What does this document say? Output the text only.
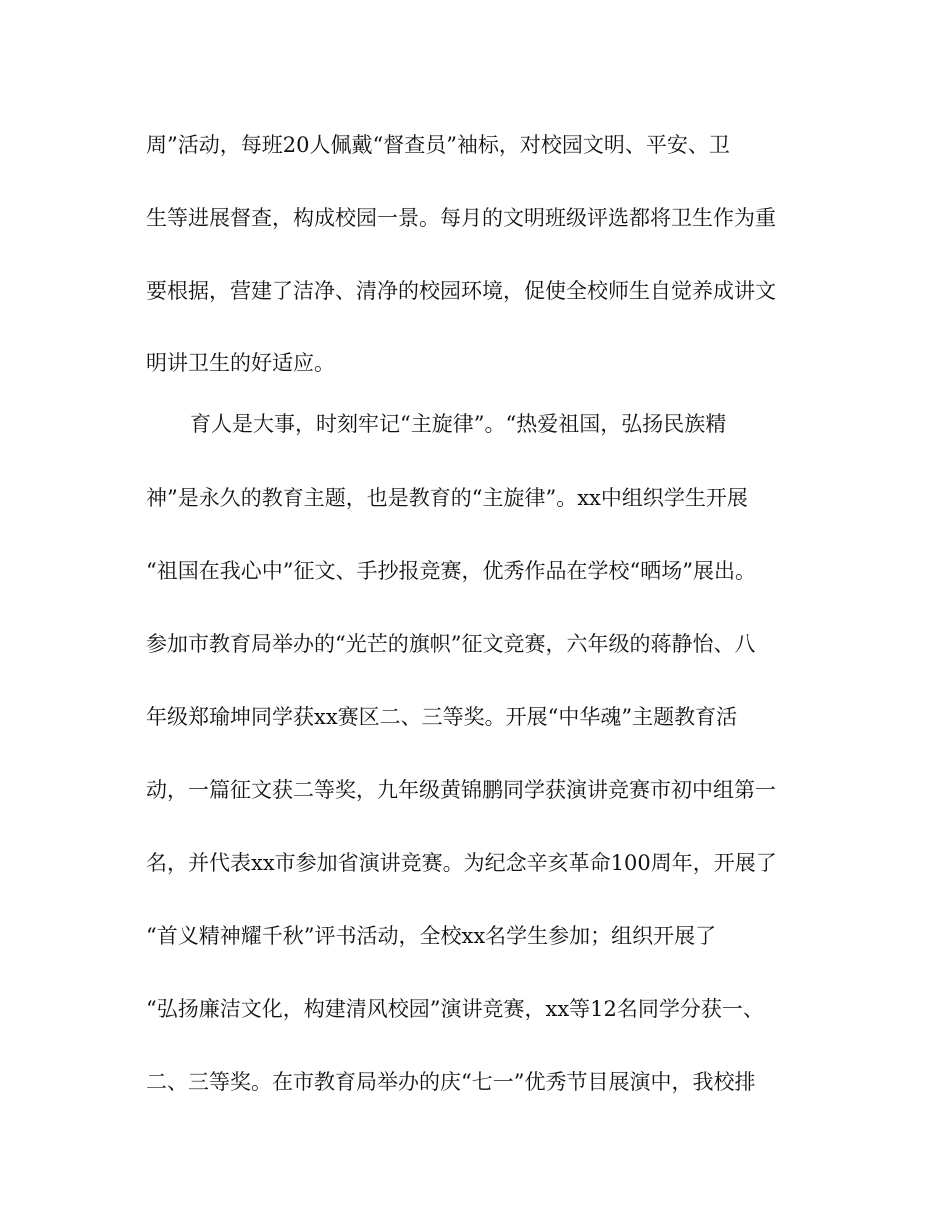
周”活动，每班20人佩戴“督查员”袖标，对校园文明、平安、卫
生等进展督查，构成校园一景。每月的文明班级评选都将卫生作为重
要根据，营建了洁净、清净的校园环境，促使全校师生自觉养成讲文
明讲卫生的好适应。
育人是大事，时刻牢记“主旋律”。“热爱祖国，弘扬民族精
神”是永久的教育主题，也是教育的“主旋律”。xx中组织学生开展
“祖国在我心中”征文、手抄报竞赛，优秀作品在学校“晒场”展出。
参加市教育局举办的“光芒的旗帜”征文竞赛，六年级的蒋静怡、八
年级郑瑜坤同学获xx赛区二、三等奖。开展“中华魂”主题教育活
动，一篇征文获二等奖，九年级黄锦鹏同学获演讲竞赛市初中组第一
名，并代表xx市参加省演讲竞赛。为纪念辛亥革命100周年，开展了
“首义精神耀千秋”评书活动，全校xx名学生参加；组织开展了
“弘扬廉洁文化，构建清风校园”演讲竞赛，xx等12名同学分获一、
二、三等奖。在市教育局举办的庆“七一”优秀节目展演中，我校排
